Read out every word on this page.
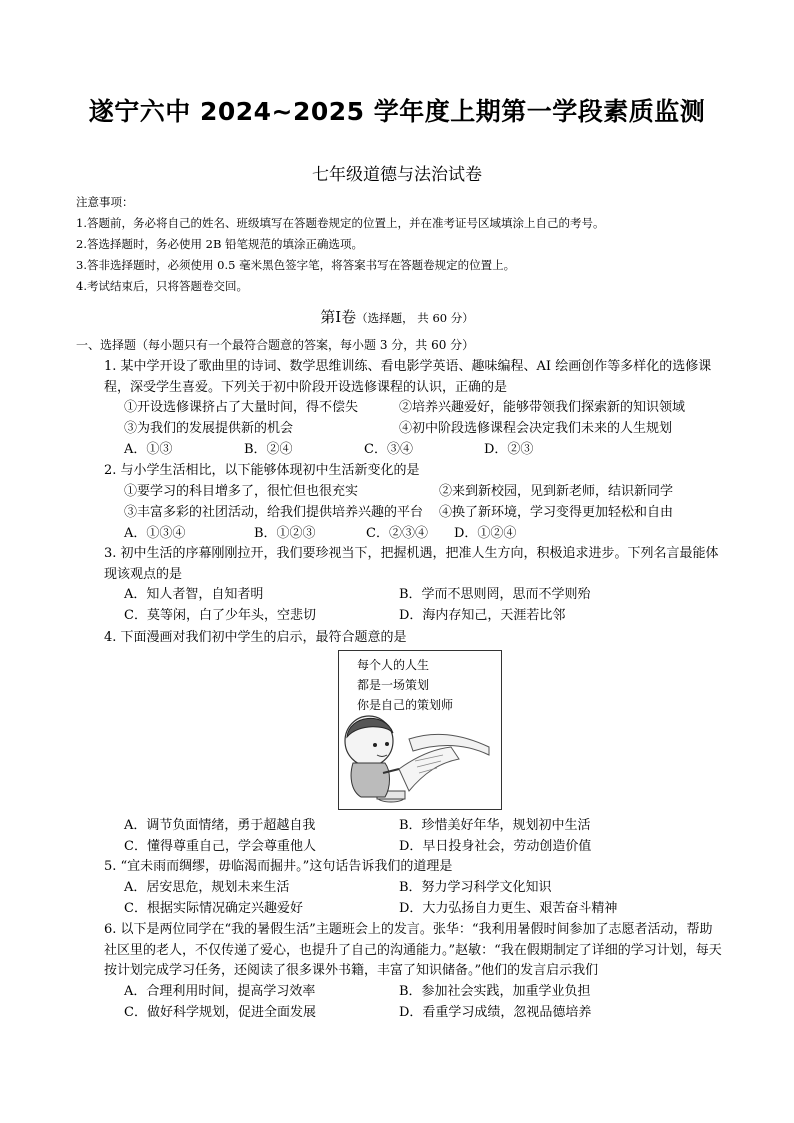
遂宁六中 2024~2025 学年度上期第一学段素质监测
七年级道德与法治试卷
注意事项：
1.答题前，务必将自己的姓名、班级填写在答题卷规定的位置上，并在准考证号区域填涂上自己的考号。
2.答选择题时，务必使用 2B 铅笔规范的填涂正确选项。
3.答非选择题时，必须使用 0.5 毫米黑色签字笔，将答案书写在答题卷规定的位置上。
4.考试结束后，只将答题卷交回。
第Ⅰ卷（选择题， 共 60 分）
一、选择题（每小题只有一个最符合题意的答案，每小题 3 分，共 60 分）
1. 某中学开设了歌曲里的诗词、数学思维训练、看电影学英语、趣味编程、AI 绘画创作等多样化的选修课程，深受学生喜爱。下列关于初中阶段开设选修课程的认识，正确的是
①开设选修课挤占了大量时间，得不偿失	②培养兴趣爱好，能够带领我们探索新的知识领域
③为我们的发展提供新的机会	④初中阶段选修课程会决定我们未来的人生规划
A．①③	B．②④	C．③④	D．②③
2. 与小学生活相比，以下能够体现初中生活新变化的是
①要学习的科目增多了，很忙但也很充实	②来到新校园，见到新老师，结识新同学
③丰富多彩的社团活动，给我们提供培养兴趣的平台 ④换了新环境，学习变得更加轻松和自由
A．①③④	B．①②③	C．②③④	D．①②④
3. 初中生活的序幕刚刚拉开，我们要珍视当下，把握机遇，把准人生方向，积极追求进步。下列名言最能体现该观点的是
A．知人者智，自知者明	B．学而不思则罔，思而不学则殆
C．莫等闲，白了少年头，空悲切	D．海内存知己，天涯若比邻
4. 下面漫画对我们初中学生的启示，最符合题意的是
每个人的人生
都是一场策划
你是自己的策划师
A．调节负面情绪，勇于超越自我	B．珍惜美好年华，规划初中生活
C．懂得尊重自己，学会尊重他人	D．早日投身社会，劳动创造价值
5. “宜未雨而绸缪，毋临渴而掘井。”这句话告诉我们的道理是
A．居安思危，规划未来生活	B．努力学习科学文化知识
C．根据实际情况确定兴趣爱好	D．大力弘扬自力更生、艰苦奋斗精神
6. 以下是两位同学在“我的暑假生活”主题班会上的发言。张华：“我利用暑假时间参加了志愿者活动，帮助社区里的老人，不仅传递了爱心，也提升了自己的沟通能力。”赵敏：“我在假期制定了详细的学习计划，每天按计划完成学习任务，还阅读了很多课外书籍，丰富了知识储备。”他们的发言启示我们
A．合理利用时间，提高学习效率	B．参加社会实践，加重学业负担
C．做好科学规划，促进全面发展	D．看重学习成绩，忽视品德培养
